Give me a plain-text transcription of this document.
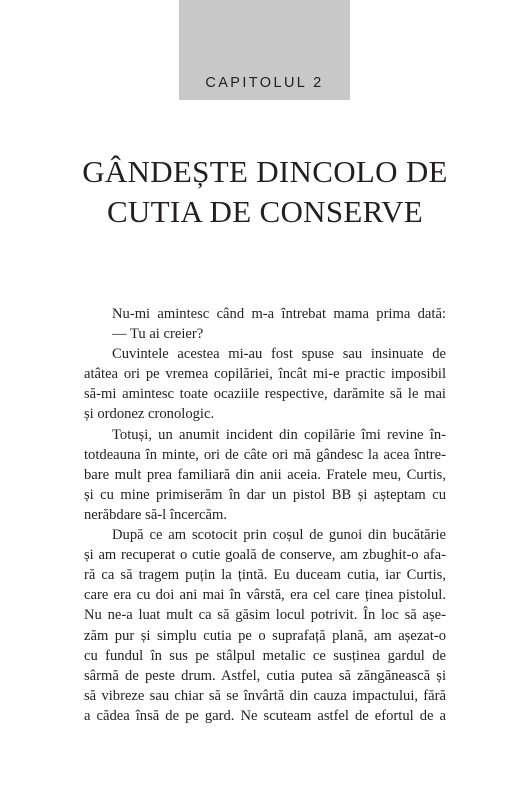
CAPITOLUL 2
GÂNDEȘTE DINCOLO DE
CUTIA DE CONSERVE
Nu-mi amintesc când m-a întrebat mama prima dată:
— Tu ai creier?
Cuvintele acestea mi-au fost spuse sau insinuate de
atâtea ori pe vremea copilăriei, încât mi-e practic imposibil
să-mi amintesc toate ocaziile respective, darămite să le mai
și ordonez cronologic.
Totuși, un anumit incident din copilărie îmi revine în-
totdeauna în minte, ori de câte ori mă gândesc la acea între-
bare mult prea familiară din anii aceia. Fratele meu, Curtis,
și cu mine primiserăm în dar un pistol BB și așteptam cu
nerăbdare să-l încercăm.
După ce am scotocit prin coșul de gunoi din bucătărie
și am recuperat o cutie goală de conserve, am zbughit-o afa-
ră ca să tragem puțin la țintă. Eu duceam cutia, iar Curtis,
care era cu doi ani mai în vârstă, era cel care ținea pistolul.
Nu ne-a luat mult ca să găsim locul potrivit. În loc să așe-
zăm pur și simplu cutia pe o suprafață plană, am așezat-o
cu fundul în sus pe stâlpul metalic ce susținea gardul de
sârmă de peste drum. Astfel, cutia putea să zăngănească și
să vibreze sau chiar să se învârtă din cauza impactului, fără
a cădea însă de pe gard. Ne scuteam astfel de efortul de a
